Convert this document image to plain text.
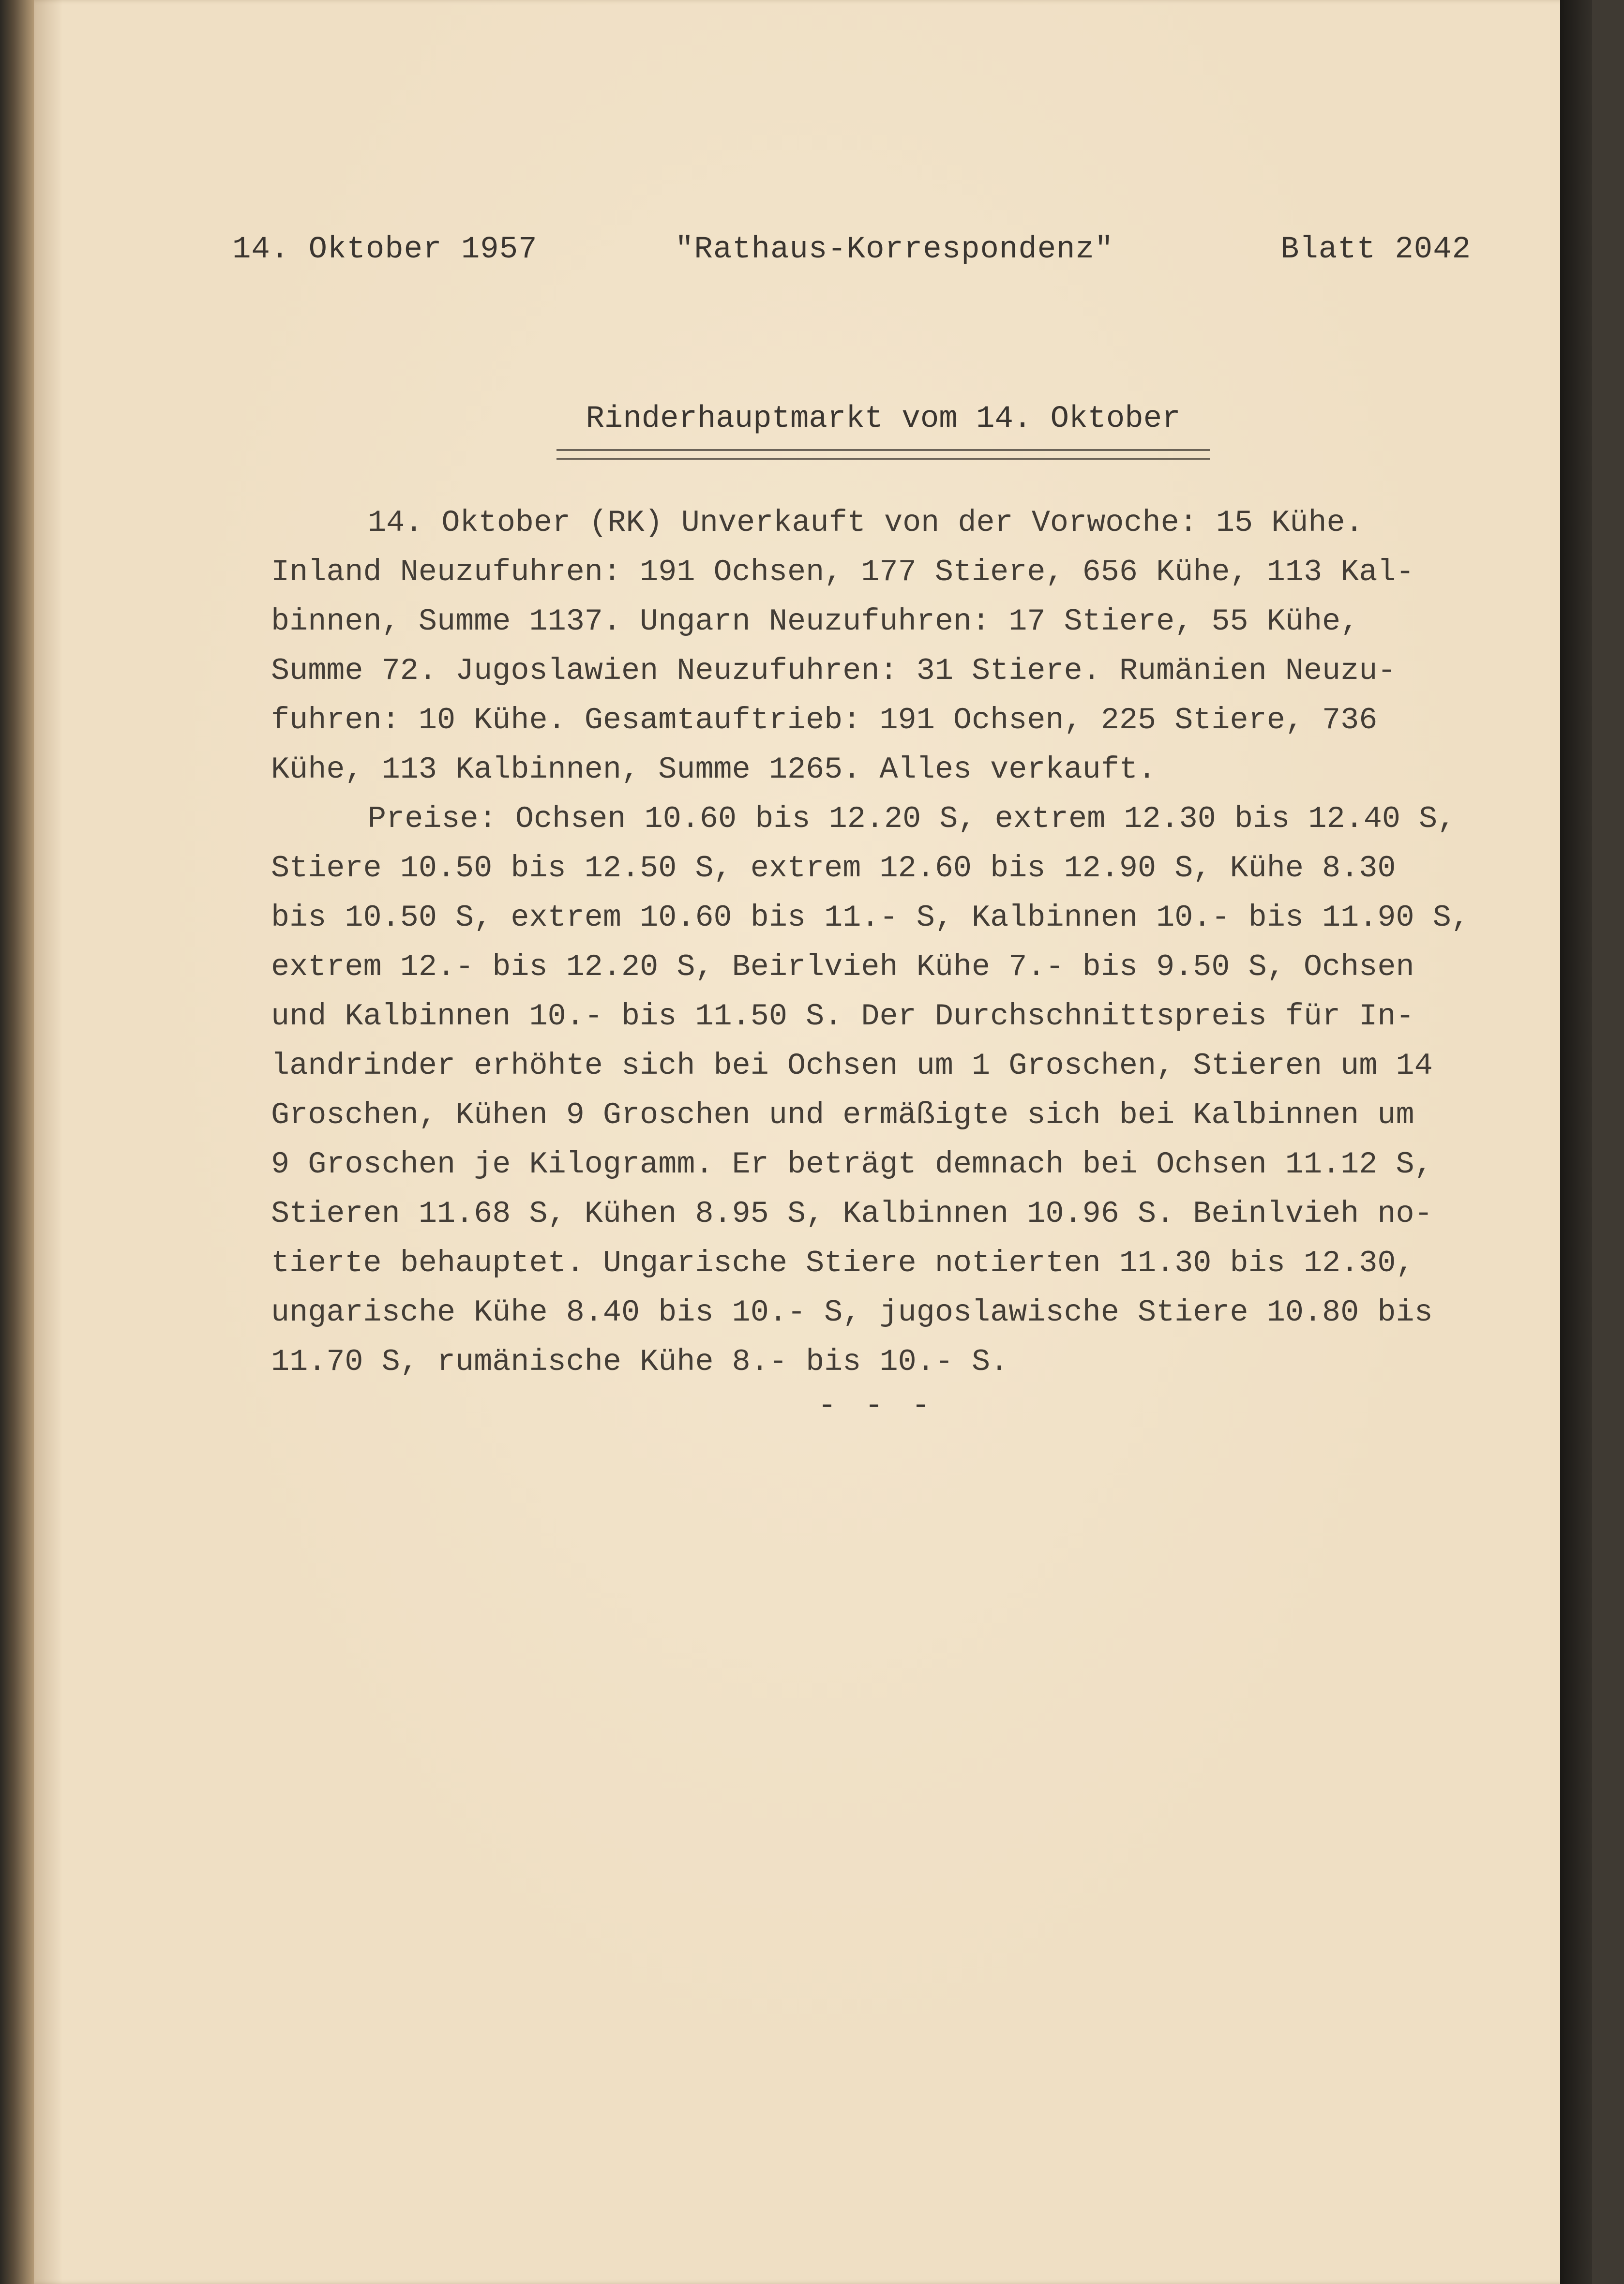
14. Oktober 1957	"Rathaus-Korrespondenz"	Blatt 2042
Rinderhauptmarkt vom 14. Oktober
14. Oktober (RK) Unverkauft von der Vorwoche: 15 Kühe.
Inland Neuzufuhren: 191 Ochsen, 177 Stiere, 656 Kühe, 113 Kal-
binnen, Summe 1137. Ungarn Neuzufuhren: 17 Stiere, 55 Kühe,
Summe 72. Jugoslawien Neuzufuhren: 31 Stiere. Rumänien Neuzu-
fuhren: 10 Kühe. Gesamtauftrieb: 191 Ochsen, 225 Stiere, 736
Kühe, 113 Kalbinnen, Summe 1265. Alles verkauft.
Preise: Ochsen 10.60 bis 12.20 S, extrem 12.30 bis 12.40 S,
Stiere 10.50 bis 12.50 S, extrem 12.60 bis 12.90 S, Kühe 8.30
bis 10.50 S, extrem 10.60 bis 11.- S, Kalbinnen 10.- bis 11.90 S,
extrem 12.- bis 12.20 S, Beirlvieh Kühe 7.- bis 9.50 S, Ochsen
und Kalbinnen 10.- bis 11.50 S. Der Durchschnittspreis für In-
landrinder erhöhte sich bei Ochsen um 1 Groschen, Stieren um 14
Groschen, Kühen 9 Groschen und ermäßigte sich bei Kalbinnen um
9 Groschen je Kilogramm. Er beträgt demnach bei Ochsen 11.12 S,
Stieren 11.68 S, Kühen 8.95 S, Kalbinnen 10.96 S. Beinlvieh no-
tierte behauptet. Ungarische Stiere notierten 11.30 bis 12.30,
ungarische Kühe 8.40 bis 10.- S, jugoslawische Stiere 10.80 bis
11.70 S, rumänische Kühe 8.- bis 10.- S.
- - -
